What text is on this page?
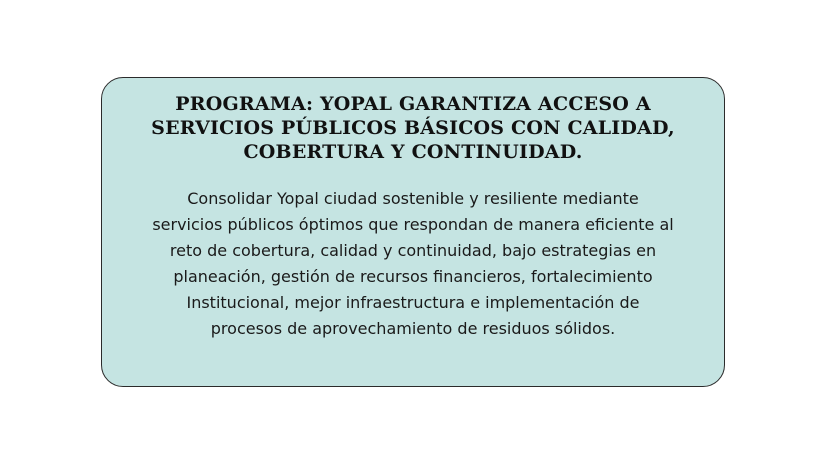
PROGRAMA: YOPAL GARANTIZA ACCESO A
SERVICIOS PÚBLICOS BÁSICOS CON CALIDAD,
COBERTURA Y CONTINUIDAD.

Consolidar Yopal ciudad sostenible y resiliente mediante
servicios públicos óptimos que respondan de manera eficiente al
reto de cobertura, calidad y continuidad, bajo estrategias en
planeación, gestión de recursos financieros, fortalecimiento
Institucional, mejor infraestructura e implementación de
procesos de aprovechamiento de residuos sólidos.
